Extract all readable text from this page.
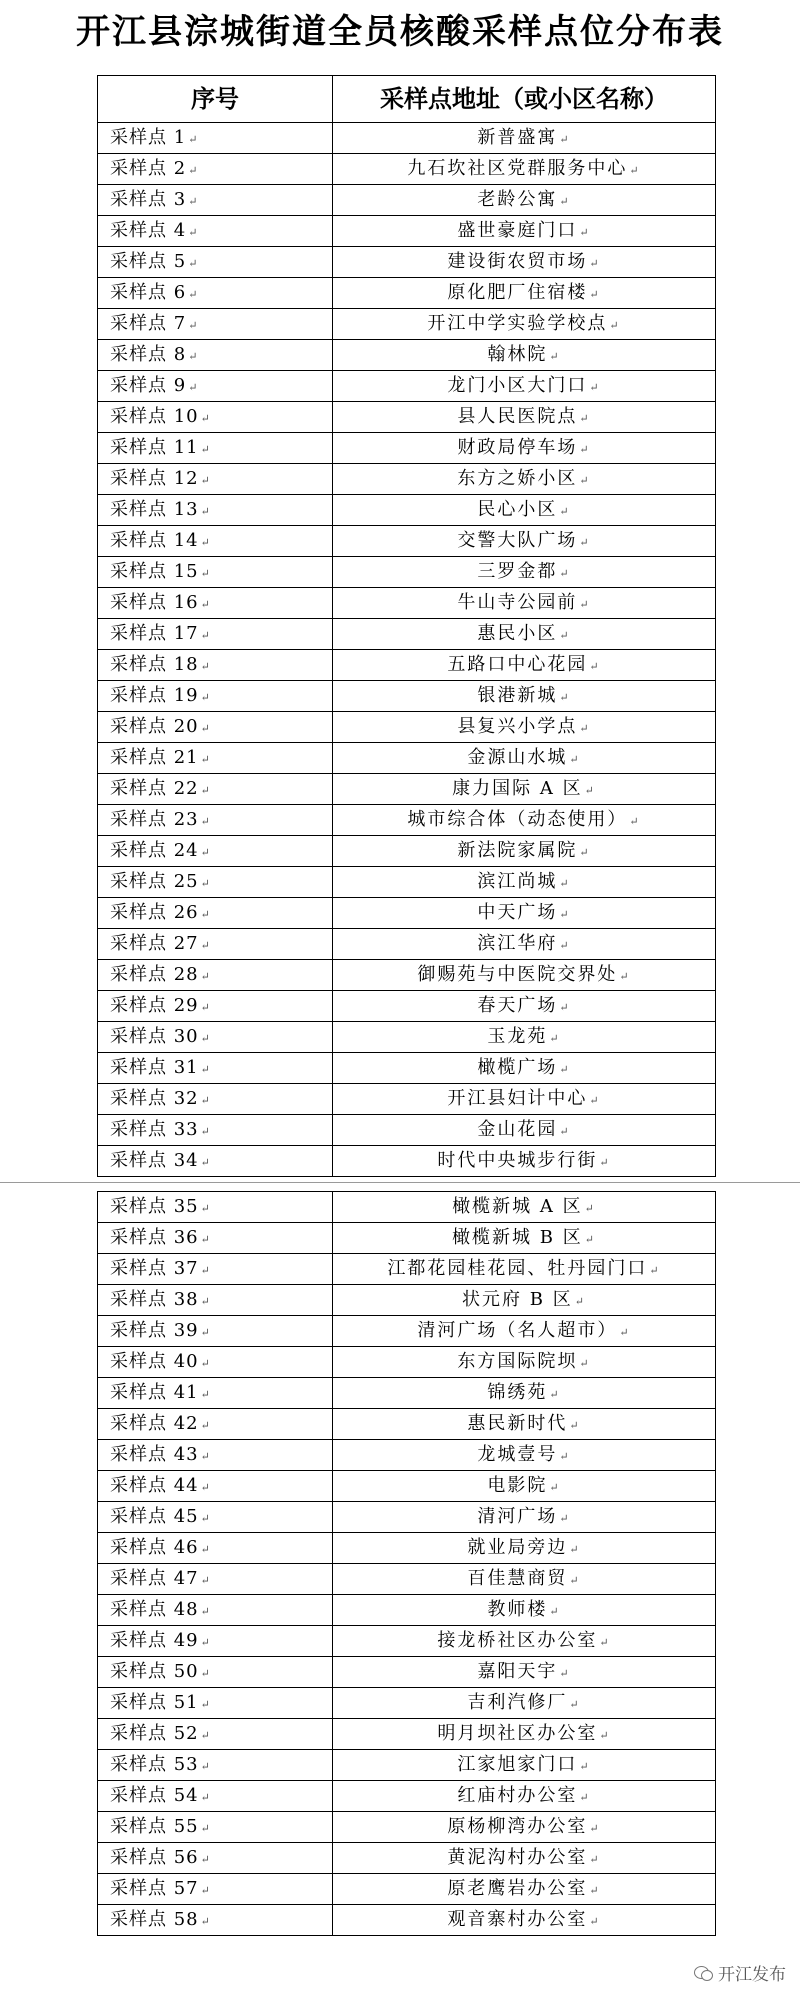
开江县淙城街道全员核酸采样点位分布表
序号	采样点地址（或小区名称）
采样点 1 ↵	新普盛寓 ↵
采样点 2 ↵	九石坎社区党群服务中心 ↵
采样点 3 ↵	老龄公寓 ↵
采样点 4 ↵	盛世豪庭门口 ↵
采样点 5 ↵	建设街农贸市场 ↵
采样点 6 ↵	原化肥厂住宿楼 ↵
采样点 7 ↵	开江中学实验学校点 ↵
采样点 8 ↵	翰林院 ↵
采样点 9 ↵	龙门小区大门口 ↵
采样点 10 ↵	县人民医院点 ↵
采样点 11 ↵	财政局停车场 ↵
采样点 12 ↵	东方之娇小区 ↵
采样点 13 ↵	民心小区 ↵
采样点 14 ↵	交警大队广场 ↵
采样点 15 ↵	三罗金都 ↵
采样点 16 ↵	牛山寺公园前 ↵
采样点 17 ↵	惠民小区 ↵
采样点 18 ↵	五路口中心花园 ↵
采样点 19 ↵	银港新城 ↵
采样点 20 ↵	县复兴小学点 ↵
采样点 21 ↵	金源山水城 ↵
采样点 22 ↵	康力国际 A 区 ↵
采样点 23 ↵	城市综合体（动态使用） ↵
采样点 24 ↵	新法院家属院 ↵
采样点 25 ↵	滨江尚城 ↵
采样点 26 ↵	中天广场 ↵
采样点 27 ↵	滨江华府 ↵
采样点 28 ↵	御赐苑与中医院交界处 ↵
采样点 29 ↵	春天广场 ↵
采样点 30 ↵	玉龙苑 ↵
采样点 31 ↵	橄榄广场 ↵
采样点 32 ↵	开江县妇计中心 ↵
采样点 33 ↵	金山花园 ↵
采样点 34 ↵	时代中央城步行街 ↵
采样点 35 ↵	橄榄新城 A 区 ↵
采样点 36 ↵	橄榄新城 B 区 ↵
采样点 37 ↵	江都花园桂花园、牡丹园门口 ↵
采样点 38 ↵	状元府 B 区 ↵
采样点 39 ↵	清河广场（名人超市） ↵
采样点 40 ↵	东方国际院坝 ↵
采样点 41 ↵	锦绣苑 ↵
采样点 42 ↵	惠民新时代 ↵
采样点 43 ↵	龙城壹号 ↵
采样点 44 ↵	电影院 ↵
采样点 45 ↵	清河广场 ↵
采样点 46 ↵	就业局旁边 ↵
采样点 47 ↵	百佳慧商贸 ↵
采样点 48 ↵	教师楼 ↵
采样点 49 ↵	接龙桥社区办公室 ↵
采样点 50 ↵	嘉阳天宇 ↵
采样点 51 ↵	吉利汽修厂 ↵
采样点 52 ↵	明月坝社区办公室 ↵
采样点 53 ↵	江家旭家门口 ↵
采样点 54 ↵	红庙村办公室 ↵
采样点 55 ↵	原杨柳湾办公室 ↵
采样点 56 ↵	黄泥沟村办公室 ↵
采样点 57 ↵	原老鹰岩办公室 ↵
采样点 58 ↵	观音寨村办公室 ↵
开江发布
